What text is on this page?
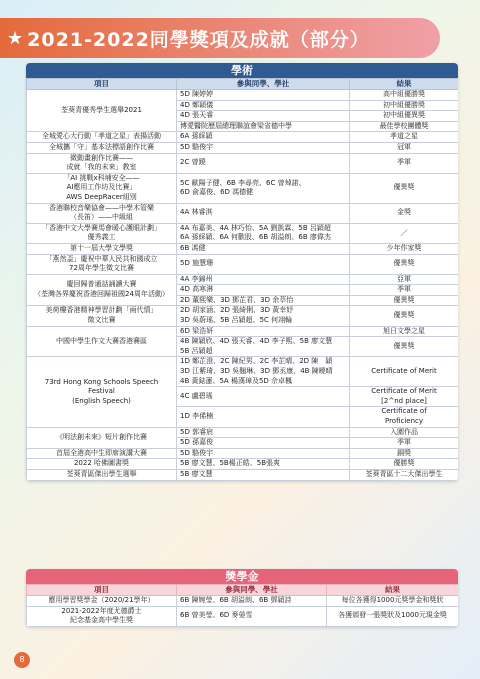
★ 2021-2022同學獎項及成就（部分）
學術
項目	參與同學、學社	結果
荃葵青優秀學生選舉2021	5D 陳婷婷	高中組優勝獎
	4D 鄭穎儀	初中組優勝獎
	4D 張天睿	初中組優異獎
	博愛醫院歷屆總理聯誼會梁省德中學	最佳學校團體獎
全城愛心大行動「孝道之星」表揚活動	6A 孫綵穎	孝道之星
全城攜「守」基本法標語創作比賽	5D 駱俊宇	冠軍
微動畫創作比賽——
成就「我的未來」教室	2C 曾蹺	季軍
「AI 挑戰x科埔安全——
AI應用工作坊及比賽」
AWS DeepRacer組別	5C 歐陽子健、6B 李尋亮、6C 曾焯諾、
6D 俞嘉俊、6D 馮德健	優異獎
香港聯校音樂協會——中學木管樂
（長笛）——中級組	4A 林睿淇	金獎
「香港中文大學賽馬會暖心護眼計劃」
優秀義工	4A 布嘉美、4A 林巧怡、5A 劉凱霖、5B 呂穎超
6A 孫綵穎、6A 何歡股、6B 胡溢朗、6B 廖偉杰	／
第十一屆大學文學獎	6B 馮健	少年作家獎
「燕然盃」慶祝中華人民共和國成立
72周年學生徵文比賽	5D 施慧珊	優異獎
慶回歸普通話誦讀大賽
（荃灣各界慶祝香港回歸祖國24周年活動）	4A 李錦州	亞軍
	4D 高寒淋	季軍
	2D 董熙樂、3D 鄧芷君、3D 余萃怡	優異獎
美荷樓香港精神學習計劃「兩代情」
徵文比賽	2D 胡家涵、2D 張綺俐、3D 黃幸妤
3D 吳蔚瑤、5B 呂穎超、5C 何翊輪	優異獎
中國中學生作文大賽香港賽區	6D 梁浩妍	旭日文學之星
	4B 陳穎欣、4D 張天睿、4D 李子熙、5B 廖文慧
5B 呂穎超	優異獎
73rd Hong Kong Schools Speech
Festival
(English Speech)	1D 鄭芷澄、2C 陳紀男、2C 李芷晴、2D 陳　穎
3D 江紫琦、3D 吳翹琳、3D 鄧丞康、4B 陳曉晴
4B 黃鋕蓮、5A 楊漢璋及5D 佘卓楓	Certificate of Merit
	4C 盧碧瑤	Certificate of Merit
[2^nd place]
	1D 李俙楠	Certificate of
Proficiency
《明法創未來》短片創作比賽	5D 郭睿宸	入圍作品
	5D 孫嘉俊	季軍
首屆全港高中生即席演講大賽	5D 駱俊宇	銅獎
2022 哈佛圖書獎	5B 廖文慧、5B楊正皓、5B張爽	優勝獎
荃葵青區傑出學生選舉	5B 廖文慧	荃葵青區十二大傑出學生
獎學金
項目	參與同學、學社	結果
應用學習獎學金（2020/21學年）	6B 陳婉瑩、6B 胡溢朗、6B 鄧穎詩	每位各獲得1000元獎學金和獎狀
2021-2022年度尤德爵士
紀念基金高中學生獎	6B 曾美瑩、6D 麥嫈雪	各獲頒發一張獎狀及1000元現金獎
8
